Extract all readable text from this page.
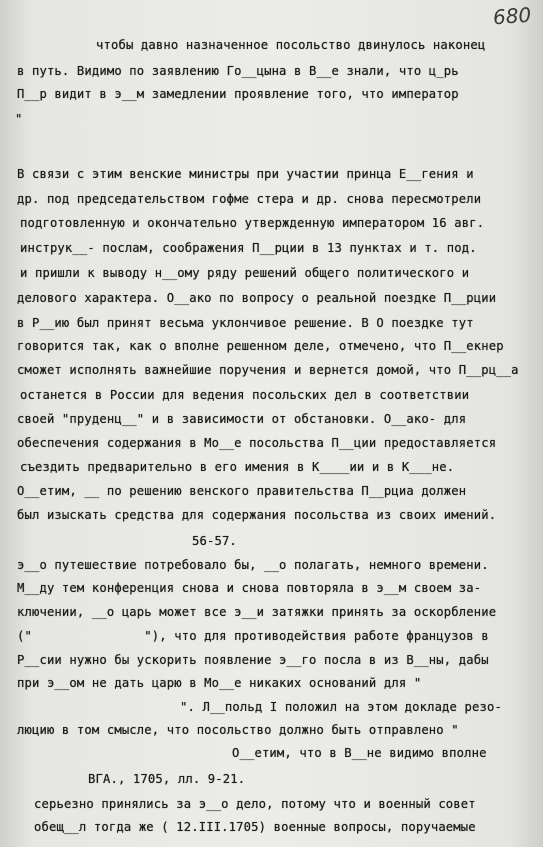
680
чтобы давно назначенное посольство двинулось наконец
в путь. Видимо по заявлению Го__цына в В__е знали, что ц_рь
П__р видит в э__м замедлении проявление того, что император
"
В связи с этим венские министры при участии принца Е__гения и
др. под председательством гофме стера и др. снова пересмотрели
подготовленную и окончательно утвержденную императором 16 авг.
инструк__- послам, соображения П__рции в 13 пунктах и т. под.
и пришли к выводу н__ому ряду решений общего политического и
делового характера. О__ако по вопросу о реальной поездке П__рции
в Р__ию был принят весьма уклончивое решение. В О поездке тут
говорится так, как о вполне решенном деле, отмечено, что П__екнер
сможет исполнять важнейшие поручения и вернется домой, что П__рц__а
останется в России для ведения посольских дел в соответствии
своей "пруденц__" и в зависимости от обстановки. О__ако- для
обеспечения содержания в Мо__е посольства П__ции предоставляется
съездить предварительно в его имения в К____ии и в К___не.
О__етим, __ по решению венского правительства П__рциа должен
был изыскать средства для содержания посольства из своих имений.
56-57.
э__о путешествие потребовало бы, __о полагать, немного времени.
М__ду тем конференция снова и снова повторяла в э__м своем за-
ключении, __о царь может все э__и затяжки принять за оскорбление
("               "), что для противодействия работе французов в
Р__сии нужно бы ускорить появление э__го посла в из В__ны, дабы
при э__ом не дать царю в Мо__е никаких оснований для "
". Л__польд I положил на этом докладе резо-
люцию в том смысле, что посольство должно быть отправлено "
О__етим, что в В__не видимо вполне
ВГА., 1705, лл. 9-21.
серьезно принялись за э__о дело, потому что и военный совет
обещ__л тогда же ( 12.III.1705) военные вопросы, поручаемые
